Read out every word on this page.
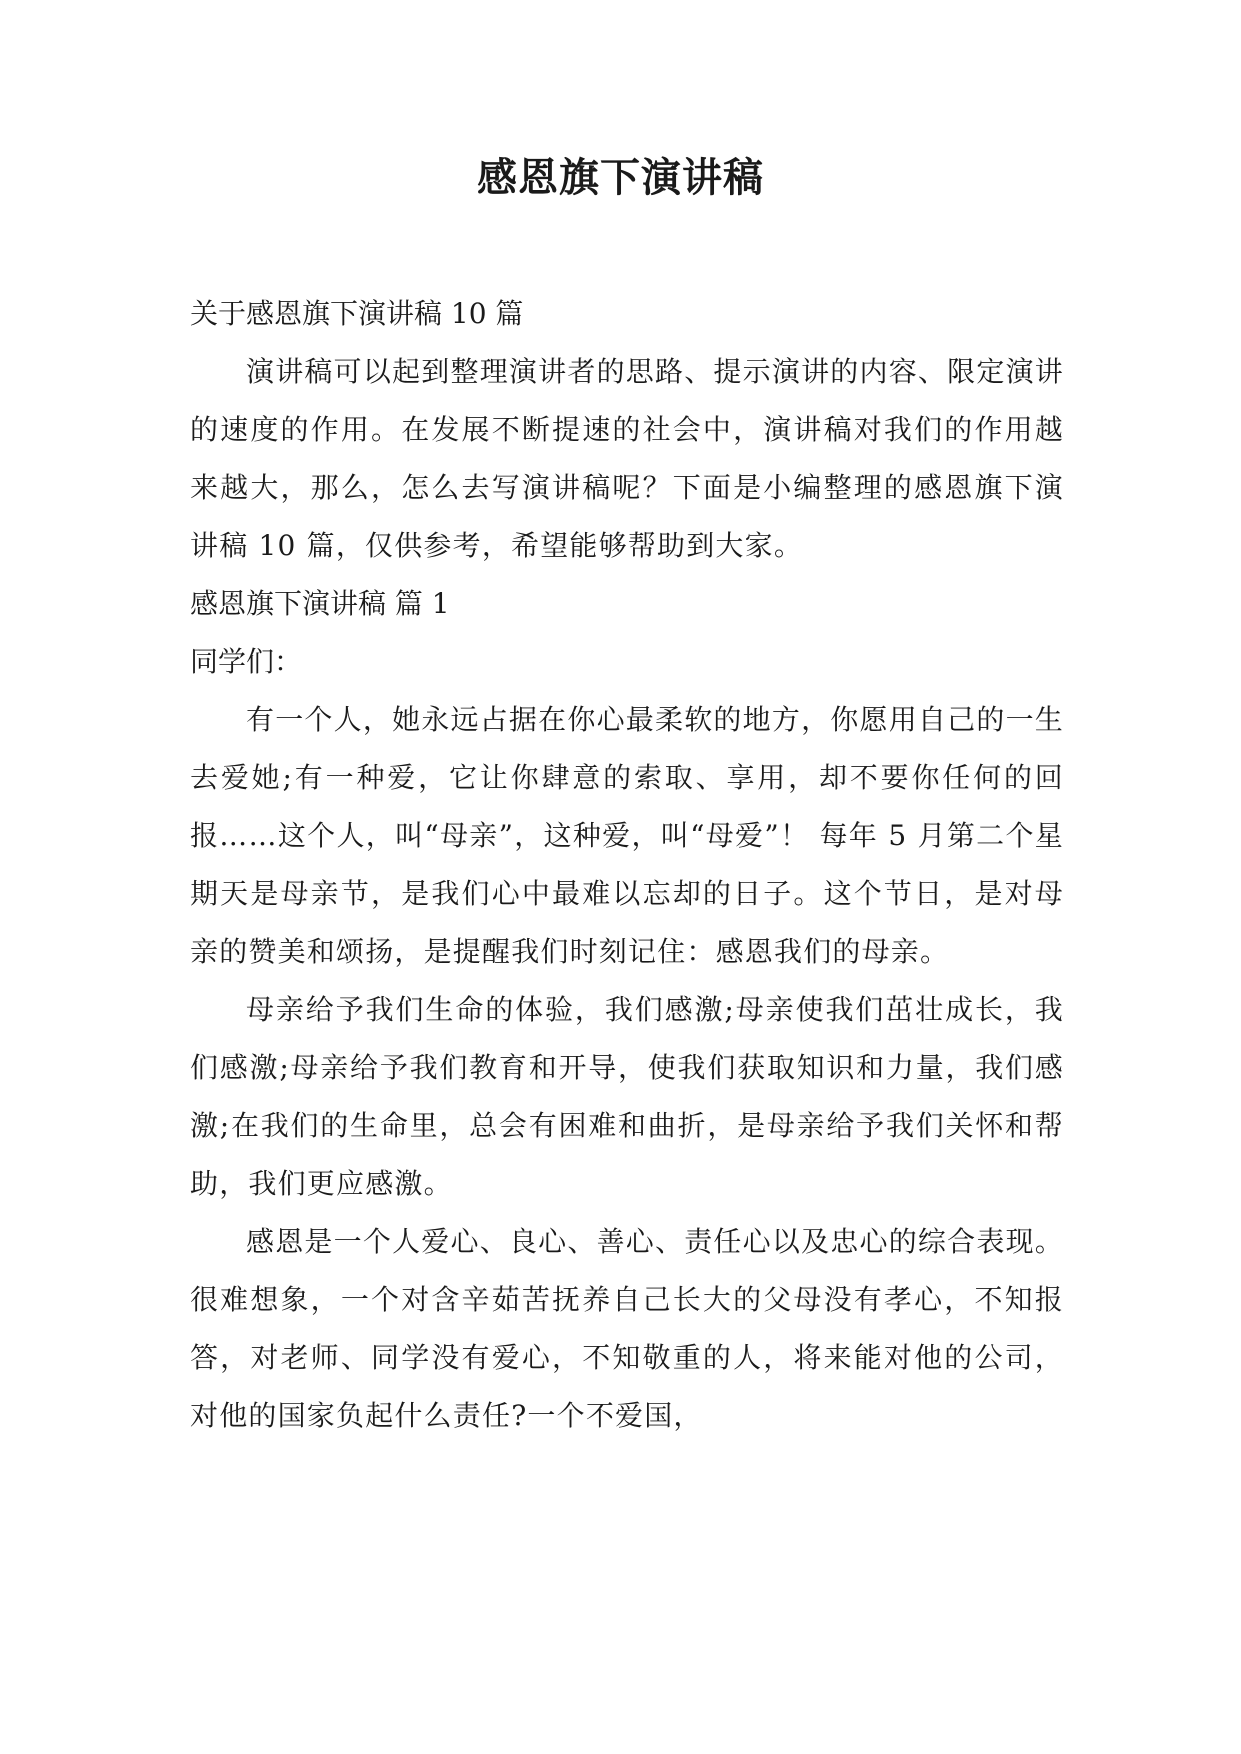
感恩旗下演讲稿

关于感恩旗下演讲稿 10 篇

演讲稿可以起到整理演讲者的思路、提示演讲的内容、限定演讲的速度的作用。在发展不断提速的社会中，演讲稿对我们的作用越来越大，那么，怎么去写演讲稿呢？下面是小编整理的感恩旗下演讲稿 10 篇，仅供参考，希望能够帮助到大家。

感恩旗下演讲稿 篇 1

同学们：

有一个人，她永远占据在你心最柔软的地方，你愿用自己的一生去爱她;有一种爱，它让你肆意的索取、享用，却不要你任何的回报……这个人，叫“母亲”，这种爱，叫“母爱”！ 每年 5 月第二个星期天是母亲节，是我们心中最难以忘却的日子。这个节日，是对母亲的赞美和颂扬，是提醒我们时刻记住：感恩我们的母亲。

母亲给予我们生命的体验，我们感激;母亲使我们茁壮成长，我们感激;母亲给予我们教育和开导，使我们获取知识和力量，我们感激;在我们的生命里，总会有困难和曲折，是母亲给予我们关怀和帮助，我们更应感激。

感恩是一个人爱心、良心、善心、责任心以及忠心的综合表现。很难想象，一个对含辛茹苦抚养自己长大的父母没有孝心，不知报答，对老师、同学没有爱心，不知敬重的人，将来能对他的公司，对他的国家负起什么责任?一个不爱国，
